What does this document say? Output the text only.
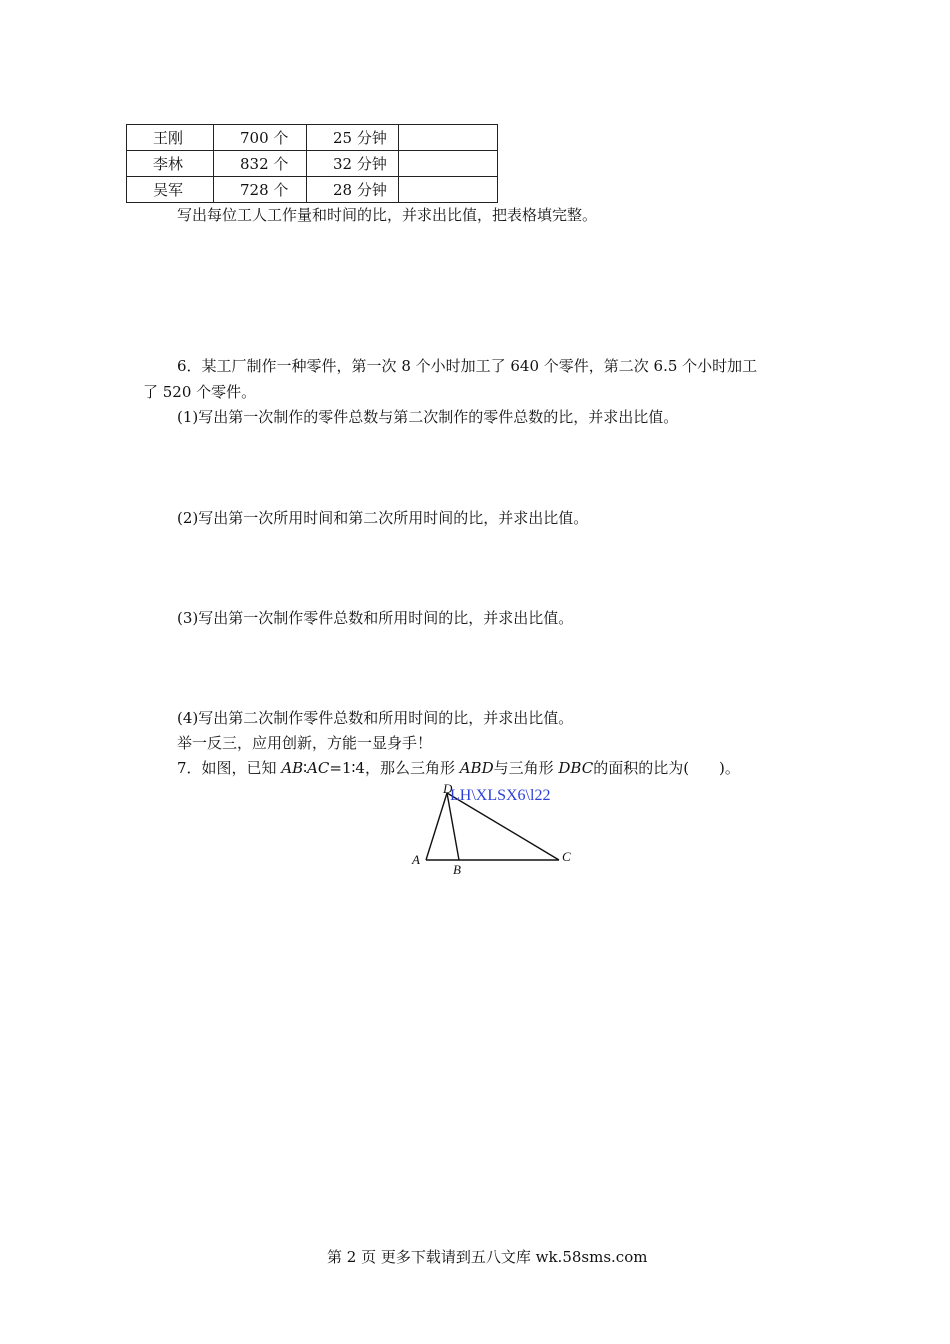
王刚	700 个	25 分钟	
李林	832 个	32 分钟	
吴军	728 个	28 分钟	
写出每位工人工作量和时间的比，并求出比值，把表格填完整。
6．某工厂制作一种零件，第一次 8 个小时加工了 640 个零件，第二次 6.5 个小时加工
了 520 个零件。
(1)写出第一次制作的零件总数与第二次制作的零件总数的比，并求出比值。
(2)写出第一次所用时间和第二次所用时间的比，并求出比值。
(3)写出第一次制作零件总数和所用时间的比，并求出比值。
(4)写出第二次制作零件总数和所用时间的比，并求出比值。
举一反三，应用创新，方能一显身手！
7．如图，已知 AB∶AC=1∶4，那么三角形 ABD与三角形 DBC的面积的比为(　　)。
D
A
B
C
LH\XLSX6\l22
第 2 页 更多下载请到五八文库 wk.58sms.com
